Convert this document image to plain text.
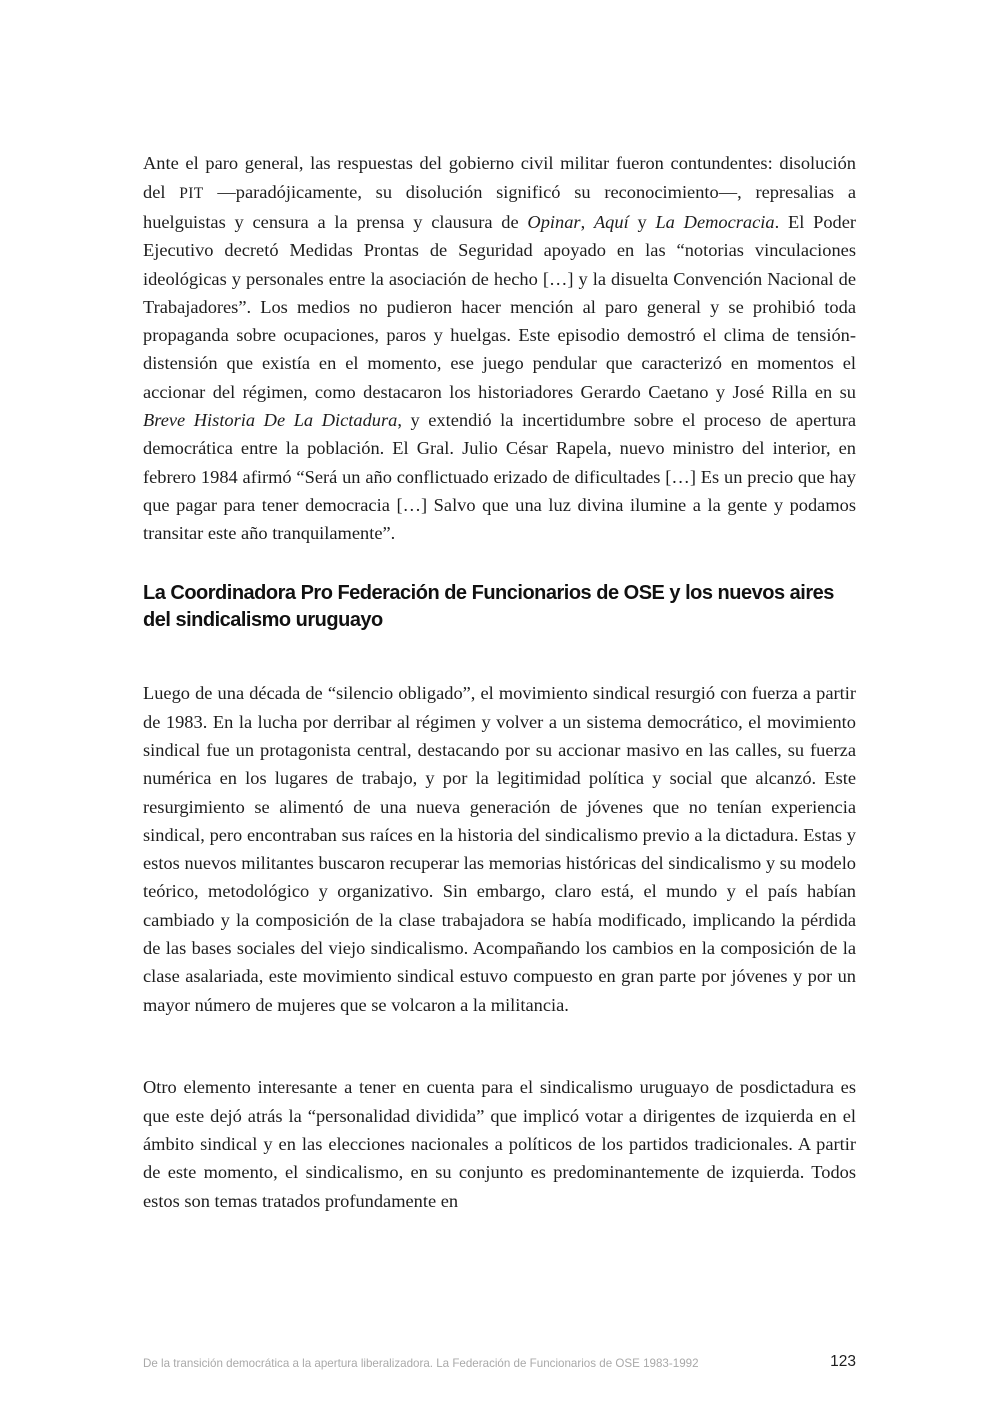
Ante el paro general, las respuestas del gobierno civil militar fueron contundentes: disolución del PIT —paradójicamente, su disolución significó su reconocimiento—, represalias a huelguistas y censura a la prensa y clausura de Opinar, Aquí y La Democracia. El Poder Ejecutivo decretó Medidas Prontas de Seguridad apoyado en las “notorias vinculaciones ideológicas y personales entre la asociación de hecho […] y la disuelta Convención Nacional de Trabajadores”. Los medios no pudieron hacer mención al paro general y se prohibió toda propaganda sobre ocupaciones, paros y huelgas. Este episodio demostró el clima de tensión-distensión que existía en el momento, ese juego pendular que caracterizó en momentos el accionar del régimen, como destacaron los historiadores Gerardo Caetano y José Rilla en su Breve Historia De La Dictadura, y extendió la incertidumbre sobre el proceso de apertura democrática entre la población. El Gral. Julio César Rapela, nuevo ministro del interior, en febrero 1984 afirmó “Será un año conflictuado erizado de dificultades […] Es un precio que hay que pagar para tener democracia […] Salvo que una luz divina ilumine a la gente y podamos transitar este año tranquilamente”.

La Coordinadora Pro Federación de Funcionarios de OSE y los nuevos aires del sindicalismo uruguayo

Luego de una década de “silencio obligado”, el movimiento sindical resurgió con fuerza a partir de 1983. En la lucha por derribar al régimen y volver a un sistema democrático, el movimiento sindical fue un protagonista central, destacando por su accionar masivo en las calles, su fuerza numérica en los lugares de trabajo, y por la legitimidad política y social que alcanzó. Este resurgimiento se alimentó de una nueva generación de jóvenes que no tenían experiencia sindical, pero encontraban sus raíces en la historia del sindicalismo previo a la dictadura. Estas y estos nuevos militantes buscaron recuperar las memorias históricas del sindicalismo y su modelo teórico, metodológico y organizativo. Sin embargo, claro está, el mundo y el país habían cambiado y la composición de la clase trabajadora se había modificado, implicando la pérdida de las bases sociales del viejo sindicalismo. Acompañando los cambios en la composición de la clase asalariada, este movimiento sindical estuvo compuesto en gran parte por jóvenes y por un mayor número de mujeres que se volcaron a la militancia.

Otro elemento interesante a tener en cuenta para el sindicalismo uruguayo de posdictadura es que este dejó atrás la “personalidad dividida” que implicó votar a dirigentes de izquierda en el ámbito sindical y en las elecciones nacionales a políticos de los partidos tradicionales. A partir de este momento, el sindicalismo, en su conjunto es predominantemente de izquierda. Todos estos son temas tratados profundamente en

De la transición democrática a la apertura liberalizadora. La Federación de Funcionarios de OSE 1983-1992	123
